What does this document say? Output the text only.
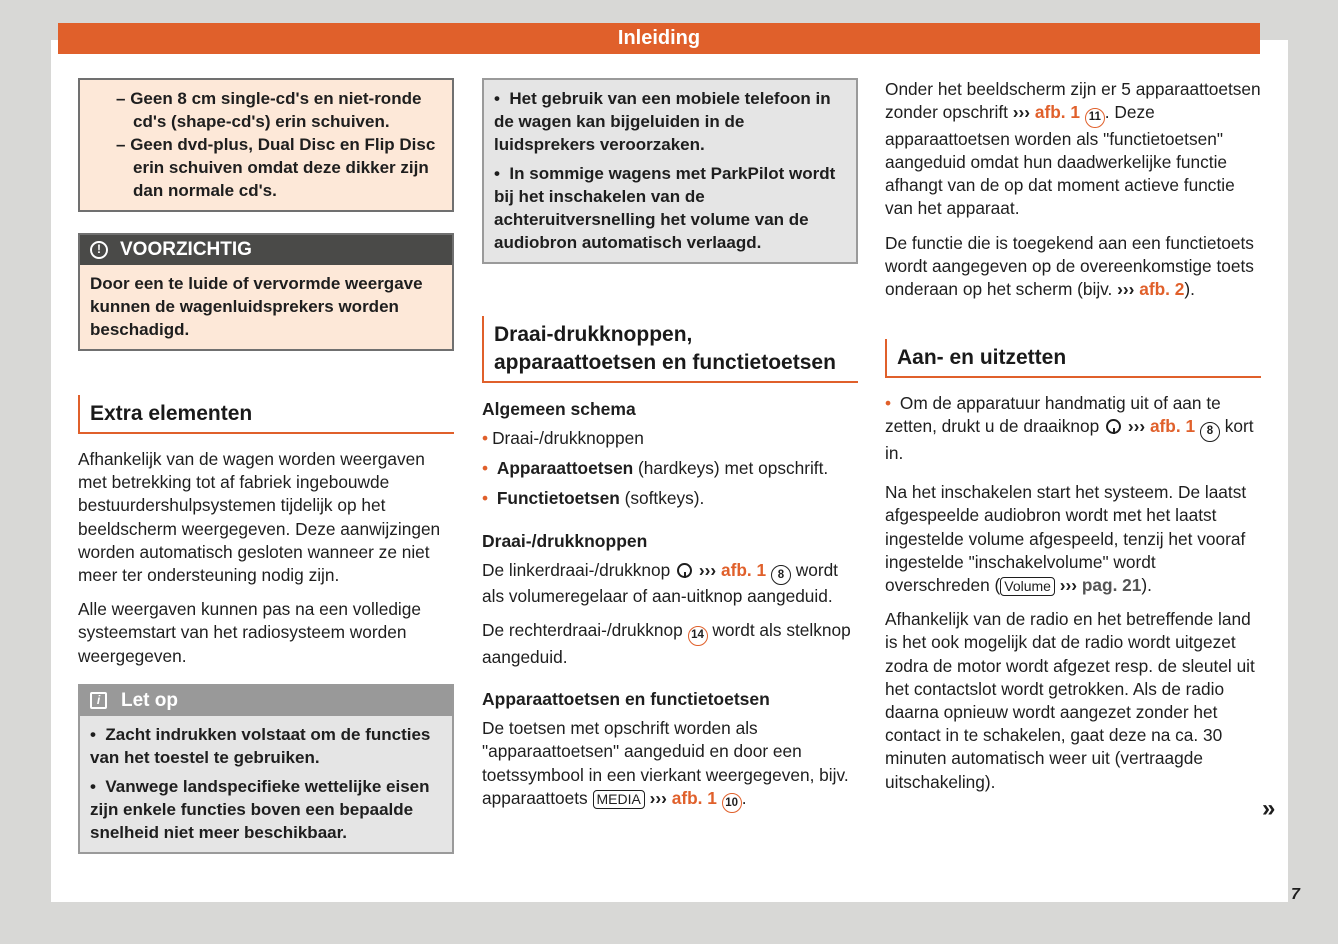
Inleiding

– Geen 8 cm single-cd's en niet-ronde cd's (shape-cd's) erin schuiven.

– Geen dvd-plus, Dual Disc en Flip Disc erin schuiven omdat deze dikker zijn dan normale cd's.

!	VOORZICHTIG
Door een te luide of vervormde weergave kunnen de wagenluidsprekers worden beschadigd.
Extra elementen

Afhankelijk van de wagen worden weergaven met betrekking tot af fabriek ingebouwde bestuurdershulpsystemen tijdelijk op het beeldscherm weergegeven. Deze aanwijzingen worden automatisch gesloten wanneer ze niet meer ter ondersteuning nodig zijn.

Alle weergaven kunnen pas na een volledige systeemstart van het radiosysteem worden weergegeven.

i	Let op

•  Zacht indrukken volstaat om de functies van het toestel te gebruiken.

•  Vanwege landspecifieke wettelijke eisen zijn enkele functies boven een bepaalde snelheid niet meer beschikbaar.

•  Het gebruik van een mobiele telefoon in de wagen kan bijgeluiden in de luidsprekers veroorzaken.

•  In sommige wagens met ParkPilot wordt bij het inschakelen van de achteruitversnelling het volume van de audiobron automatisch verlaagd.

Draai-drukknoppen, apparaattoetsen en functietoetsen
Algemeen schema

• Draai-/drukknoppen

• Apparaattoetsen (hardkeys) met opschrift.

• Functietoetsen (softkeys).

Draai-/drukknoppen

De linkerdraai-/drukknop  ››› afb. 1 8 wordt als volumeregelaar of aan-uitknop aangeduid.

De rechterdraai-/drukknop 14 wordt als stelknop aangeduid.

Apparaattoetsen en functietoetsen

De toetsen met opschrift worden als "apparaattoetsen" aangeduid en door een toetssymbool in een vierkant weergegeven, bijv. apparaattoets MEDIA ››› afb. 1 10 .

Onder het beeldscherm zijn er 5 apparaattoetsen zonder opschrift ››› afb. 1 11 . Deze apparaattoetsen worden als "functietoetsen" aangeduid omdat hun daadwerkelijke functie afhangt van de op dat moment actieve functie van het apparaat.

De functie die is toegekend aan een functietoets wordt aangegeven op de overeenkomstige toets onderaan op het scherm (bijv. ››› afb. 2).

Aan- en uitzetten

• Om de apparatuur handmatig uit of aan te zetten, drukt u de draaiknop  ››› afb. 1 8 kort in.

Na het inschakelen start het systeem. De laatst afgespeelde audiobron wordt met het laatst ingestelde volume afgespeeld, tenzij het vooraf ingestelde "inschakelvolume" wordt overschreden ( Volume ››› pag. 21).

Afhankelijk van de radio en het betreffende land is het ook mogelijk dat de radio wordt uitgezet zodra de motor wordt afgezet resp. de sleutel uit het contactslot wordt getrokken. Als de radio daarna opnieuw wordt aangezet zonder het contact in te schakelen, gaat deze na ca. 30 minuten automatisch weer uit (vertraagde uitschakeling).

»
7
